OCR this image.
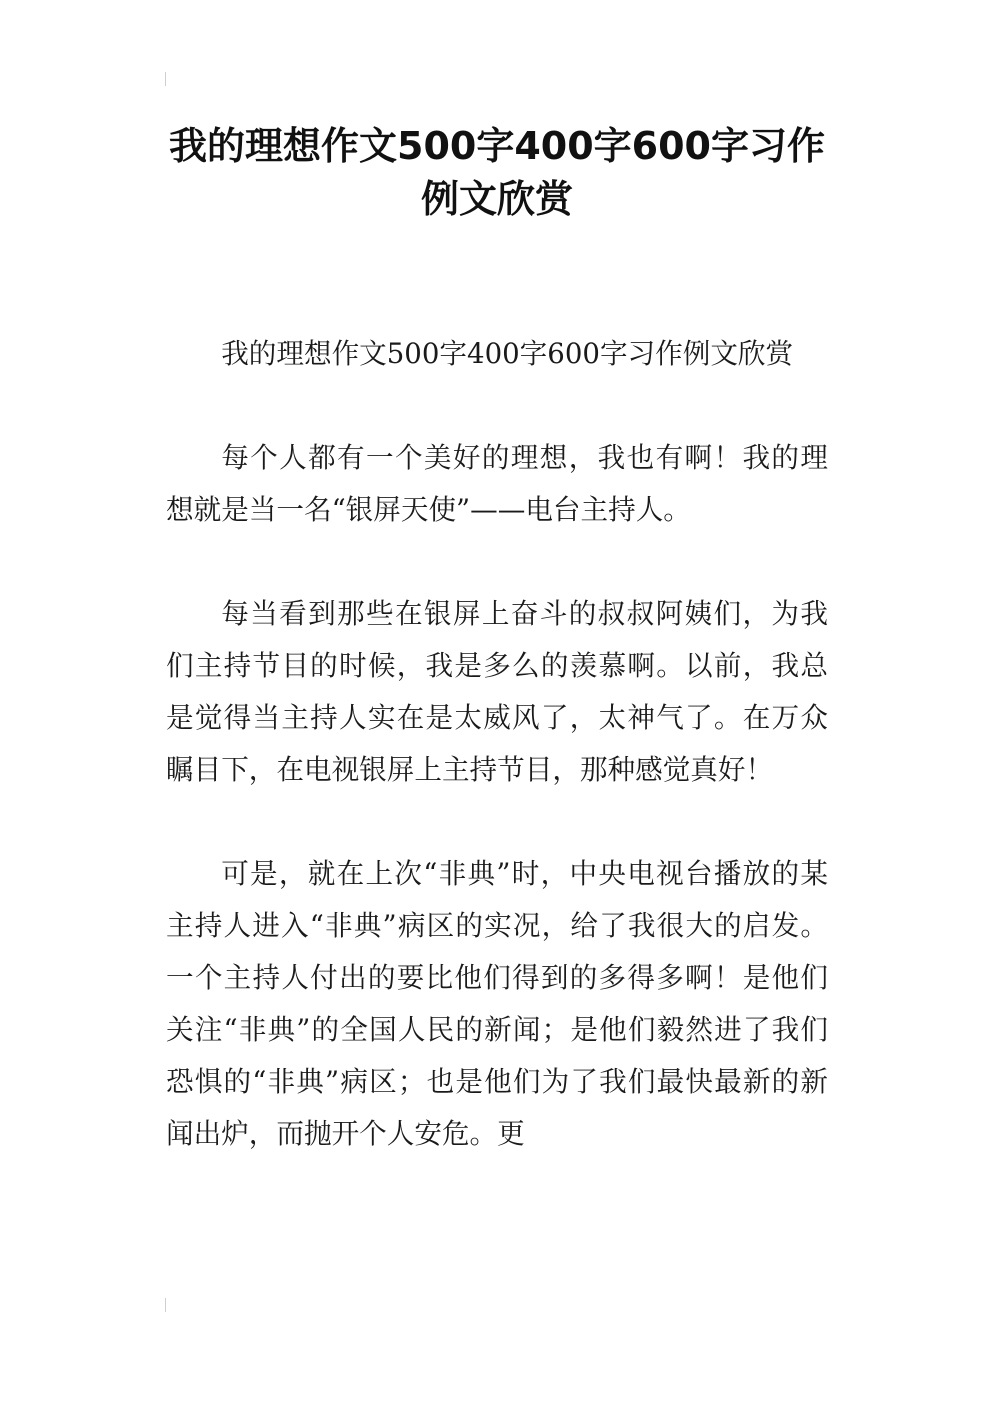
我的理想作文500字400字600字习作例文欣赏

我的理想作文500字400字600字习作例文欣赏

每个人都有一个美好的理想，我也有啊！我的理想就是当一名“银屏天使”——电台主持人。

每当看到那些在银屏上奋斗的叔叔阿姨们，为我们主持节目的时候，我是多么的羡慕啊。以前，我总是觉得当主持人实在是太威风了，太神气了。在万众瞩目下，在电视银屏上主持节目，那种感觉真好！

可是，就在上次“非典”时，中央电视台播放的某主持人进入“非典”病区的实况，给了我很大的启发。一个主持人付出的要比他们得到的多得多啊！是他们关注“非典”的全国人民的新闻；是他们毅然进了我们恐惧的“非典”病区；也是他们为了我们最快最新的新闻出炉，而抛开个人安危。更
